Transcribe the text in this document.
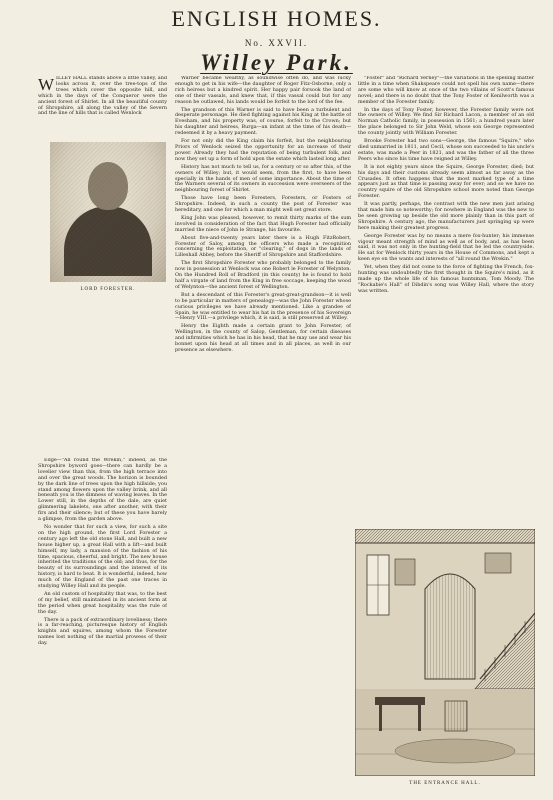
ENGLISH HOMES.
No. XXVII.
Willey Park.

WILLEY HALL stands above a little valley, and looks across it, over the tree-tops of the trees which cover the opposite hill, and which in the days of the Conqueror were the ancient forest of Shirlet. In all the beautiful county of Shropshire, all along the valley of the Severn and the line of hills that is called Wenlock

Edge—"All round the Wrekin," indeed, as the Shropshire byword goes—there can hardly be a lovelier view than this, from the high terrace into and over the great woods. The horizon is bounded by the dark line of trees upon the high hillside; you stand among flowers upon the valley brink, and all beneath you is the dimness of waving leaves. In the Lower still, in the depths of the dale, are quiet glimmering lakelets, one after another, with their firs and their silence; but of these you have barely a glimpse, from the garden above.

No wonder that for such a view, for such a site on the high ground, the first Lord Forester a century ago left the old stone Hall, and built a new house higher up, a great Hall with a lift—and built himself, my lady, a mansion of the fashion of his time, spacious, cheerful, and bright. The new house inherited the traditions of the old; and thus, for the beauty of its surroundings and the interest of its history, is hard to beat. It is wonderful, indeed, how much of the England of the past one traces in studying Willey Hall and its people.

An old custom of hospitality that was, to the best of my belief, still maintained in its ancient form at the period when great hospitality was the rule of the day.

There is a pack of extraordinary loveliness; there is a far-reaching, picturesque history of English knights and squires, among whom the Forester names lost nothing of the martial prowess of their day.

LORD FORESTER.

Warner became wealthy, as soundwise often do, and was lucky enough to get in his wife—the daughter of Roger Fitz-Osborne, only a rich heiress but a kindred spirit. Her happy pair forsook the land of one of their vassals, and knew that, if this vassal could but for any reason be outlawed, his lands would be forfeit to the lord of the fee.

The grandson of this Warner is said to have been a turbulent and desperate personage. He died fighting against his King at the battle of Evesham, and his property was, of course, forfeit to the Crown; but his daughter and heiress, Burga—an infant at the time of his death—redeemed it by a heavy payment.

For not only did the King claim his forfeit, but the neighbouring Priors of Wenlock seized the opportunity for an increase of their power. Already they had the reputation of being turbulent folk, and now they set up a form of hold upon the estate which lasted long after.

History has not much to tell us, for a century or so after this, of the owners of Willey; but, it would seem, from the first, to have been specially in the hands of men of some importance. About the time of the Warners several of its owners in succession were overseers of the neighbouring forest of Shirlet.

Those have long been Foresters, Foresters, or Fosters of Shropshire. Indeed, in such a county the post of Forester was hereditary, and one for which a man might well set great store.

King John was pleased, however, to remit thirty marks of the sum involved in consideration of the fact that Hugh Forester had officially married the niece of John le Strange, his favourite.

About five-and-twenty years later there is a Hugh FitzRobert, Forester of Saloy, among the officers who made a recognition concerning the exploitation, or "clearing," of dogs in the lands of Lilleshall Abbey, before the Sheriff of Shropshire and Staffordshire.

The first Shropshire Forester who probably belonged to the family now in possession at Wenlock was one Robert le Forester of Welynton. On the Hundred Roll of Bradford (in this county) he is found to hold half a virgate of land from the King in free soccage, keeping the wood of Welynton—the ancient forest of Wellington.

But a descendant of this Forester's great-great-grandson—it is well to be particular in matters of genealogy—was the John Forester whose curious privileges we have already mentioned. Like a grandee of Spain, he was entitled to wear his hat in the presence of his Sovereign—Henry VIII.—a privilege which, it is said, is still preserved at Willey.

Henry the Eighth made a certain grant to John Forester, of Wellington, in the county of Salop, Gentleman, for certain diseases and infirmities which he has in his head, that he may use and wear his bonnet upon his head at all times and in all places, as well in our presence as elsewhere.

"Foster" and "Richard Verney"—the variations in the spelling matter little in a time when Shakspeare could not spell his own name—there are some who will know at once of the two villains of Scott's famous novel; and there is no doubt that the Tony Foster of Kenilworth was a member of the Forester family.

In the days of Tony Foster, however, the Forester family were not the owners of Willey. We find Sir Richard Lacon, a member of an old Norman Catholic family, in possession in 1561; a hundred years later the place belonged to Sir John Weld, whose son George represented the county jointly with William Forester.

Brooke Forester had two sons—George, the famous "Squire," who died unmarried in 1811, and Cecil, whose son succeeded to his uncle's estate, was made a Peer in 1821, and was the father of all the three Peers who since his time have reigned at Willey.

It is not eighty years since the Squire, George Forester, died; but his days and their customs already seem almost as far away as the Crusades. It often happens that the most marked type of a time appears just as that time is passing away for ever; and so we have no country squire of the old Shropshire school more noted than George Forester.

It was partly, perhaps, the contrast with the new men just arising that made him so noteworthy; for nowhere in England was the new to be seen growing up beside the old more plainly than in this part of Shropshire. A century ago, the manufacturers just springing up were here making their greatest progress.

George Forester was by no means a mere fox-hunter; his immense vigour meant strength of mind as well as of body, and, as has been said, it was not only in the hunting-field that he led the countryside. He sat for Wenlock thirty years in the House of Commons, and kept a keen eye on the wants and interests of "all round the Wrekin."

Yet, when they did not come to the force of fighting the French, fox-hunting was undoubtedly the first thought in the Squire's mind, as it made up the whole life of his famous huntsman, Tom Moody. The "Rockabie's Hall" of Dibdin's song was Willey Hall, where the story was written.

THE ENTRANCE HALL.
